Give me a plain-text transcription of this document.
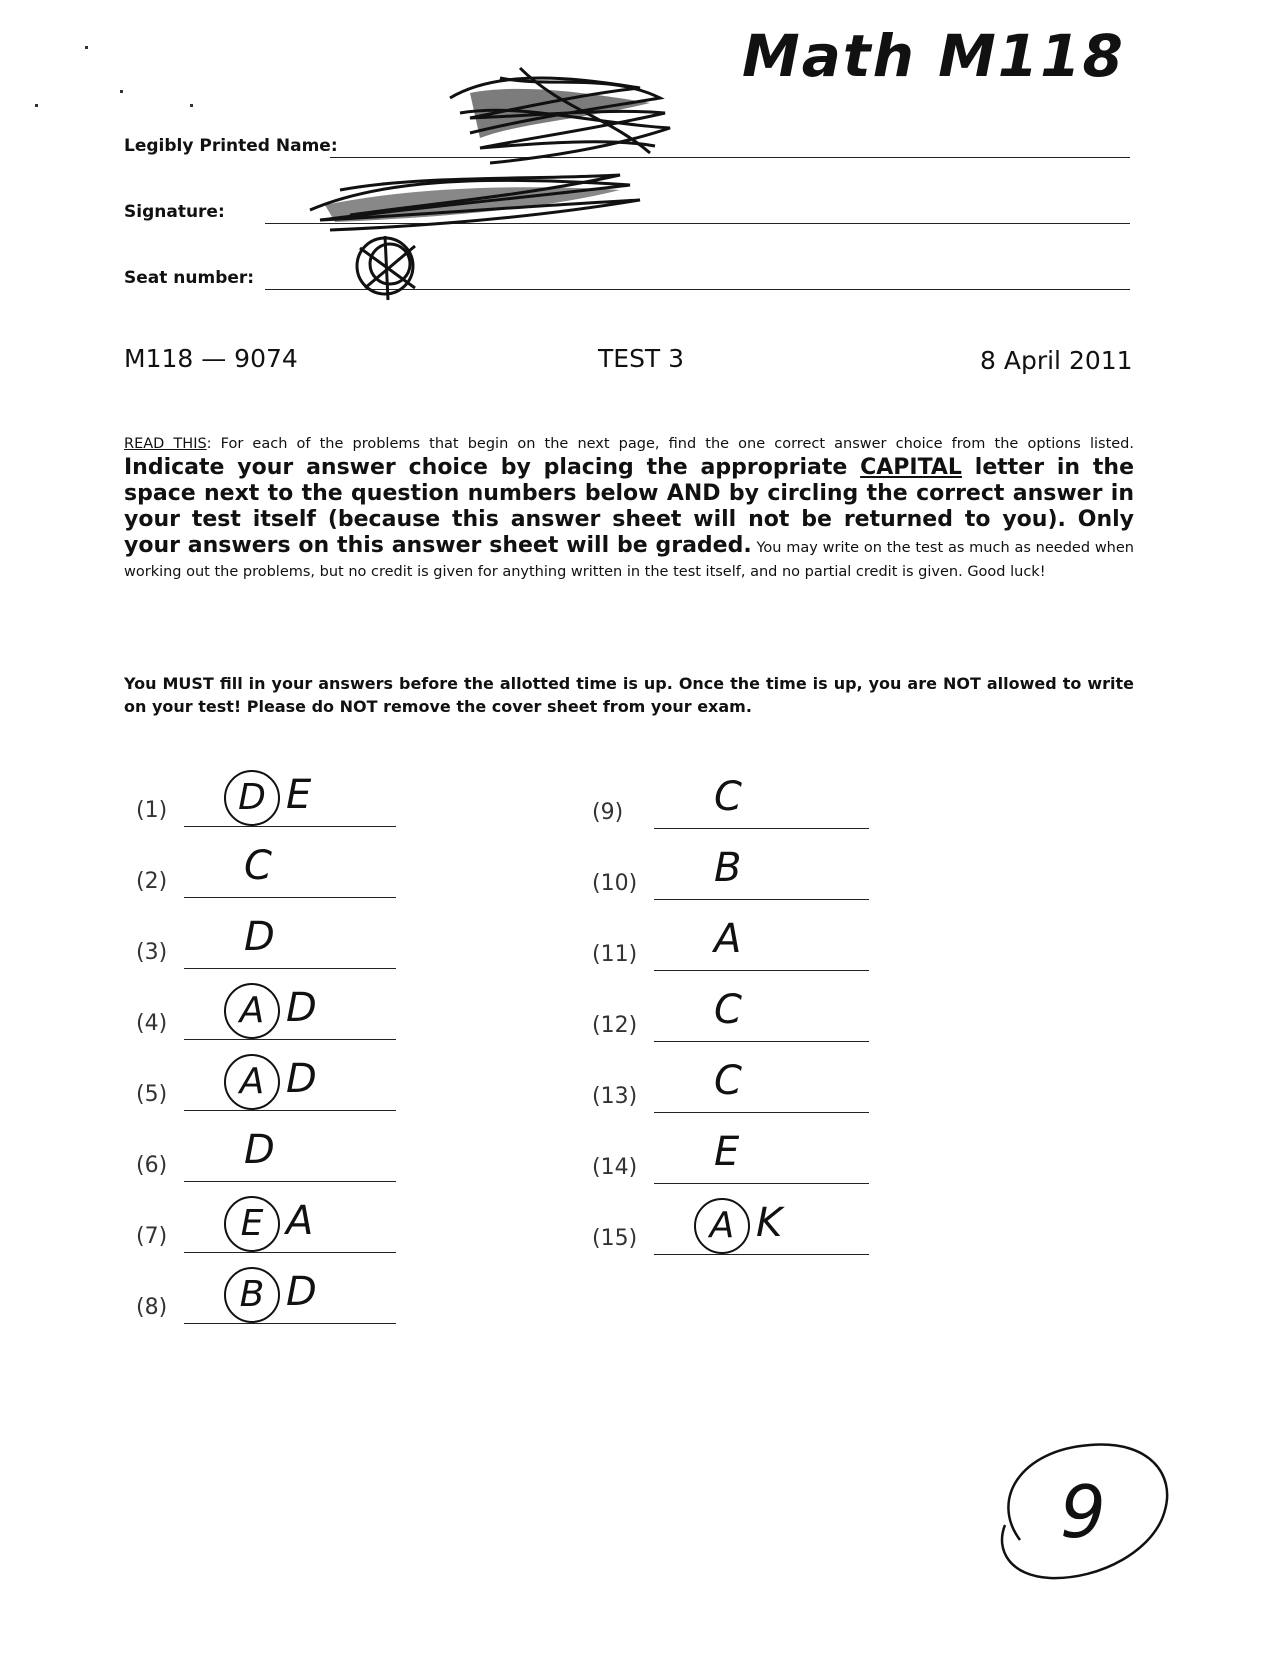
Math M118
Legibly Printed Name:
Signature:
Seat number:
M118 — 9074	TEST 3	8 April 2011
READ THIS: For each of the problems that begin on the next page, find the one correct answer choice from the options listed. Indicate your answer choice by placing the appropriate CAPITAL letter in the space next to the question numbers below AND by circling the correct answer in your test itself (because this answer sheet will not be returned to you). Only your answers on this answer sheet will be graded. You may write on the test as much as needed when working out the problems, but no credit is given for anything written in the test itself, and no partial credit is given. Good luck!
You MUST fill in your answers before the allotted time is up. Once the time is up, you are NOT allowed to write on your test! Please do NOT remove the cover sheet from your exam.
(1)	D E
(2) C
(3) D
(4)	A D
(5)	A D
(6) D
(7)	E A
(8)	B D
(9) C
(10) B
(11) A
(12) C
(13) C
(14) E
(15)	A K
9
